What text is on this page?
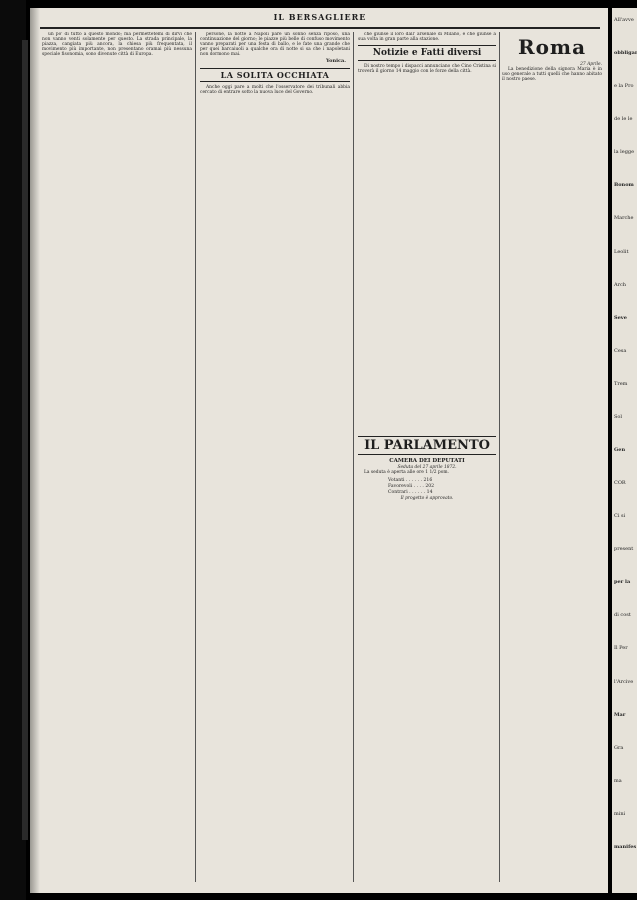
IL BERSAGLIERE

un po' di tutto a questo mondo; ma permettetemi di dirvi che non vanno venti solamente per questo. La strada principale, la piazza, cangiata più ancora, la chiesa più frequentata, il movimento più importante, non presentano oramai più nessuna speciale fisonomia, sono divenute città di Europa.

persone, la notte a Napoli pare un sonno senza riposo, una continuazione del giorno; le piazze più belle di confuso movimento vanno preparati per una festa di ballo, e le fate una grande che per quei barcaiuoli a qualche ora di notte si sa che i napoletani non dormono mai.

Yonica.
LA SOLITA OCCHIATA

Anche oggi pare a molti che l'osservatore dei tribunali abbia cercato di entrare sotto la nuova luce del Governo.

che giunse il loro dall' arsenale di Milano, e che giunse a sua volta in gran parte alla stazione.

Notizie e Fatti diversi

Di nostro tempo i dispacci annunciano che Cino Cristina si troverà il giorno 14 maggio con le forze della città.

Roma
27 Aprile.

La benedizione della signora Maria è in uso generale a tutti quelli che hanno abitato il nostro paese.

IL PARLAMENTO
CAMERA DEI DEPUTATI
Seduta del 27 aprile 1872.

La seduta è aperta alle ore 1 1/2 pom.

Votanti . . . . . . 216
Favorevoli . . . . 202
Contrari . . . . . . 14
Il progetto è approvato.
All'avve
obbligar
e la Pro
de le le
la legge
Bonom
Marche
Leolit
Arch
Seve
Cesa
Trem
Sol
Gen
COR
Ci si
present
per la
di cost
Il Per
l'Arcive
Mar
Gra
ma
mini
manifes
